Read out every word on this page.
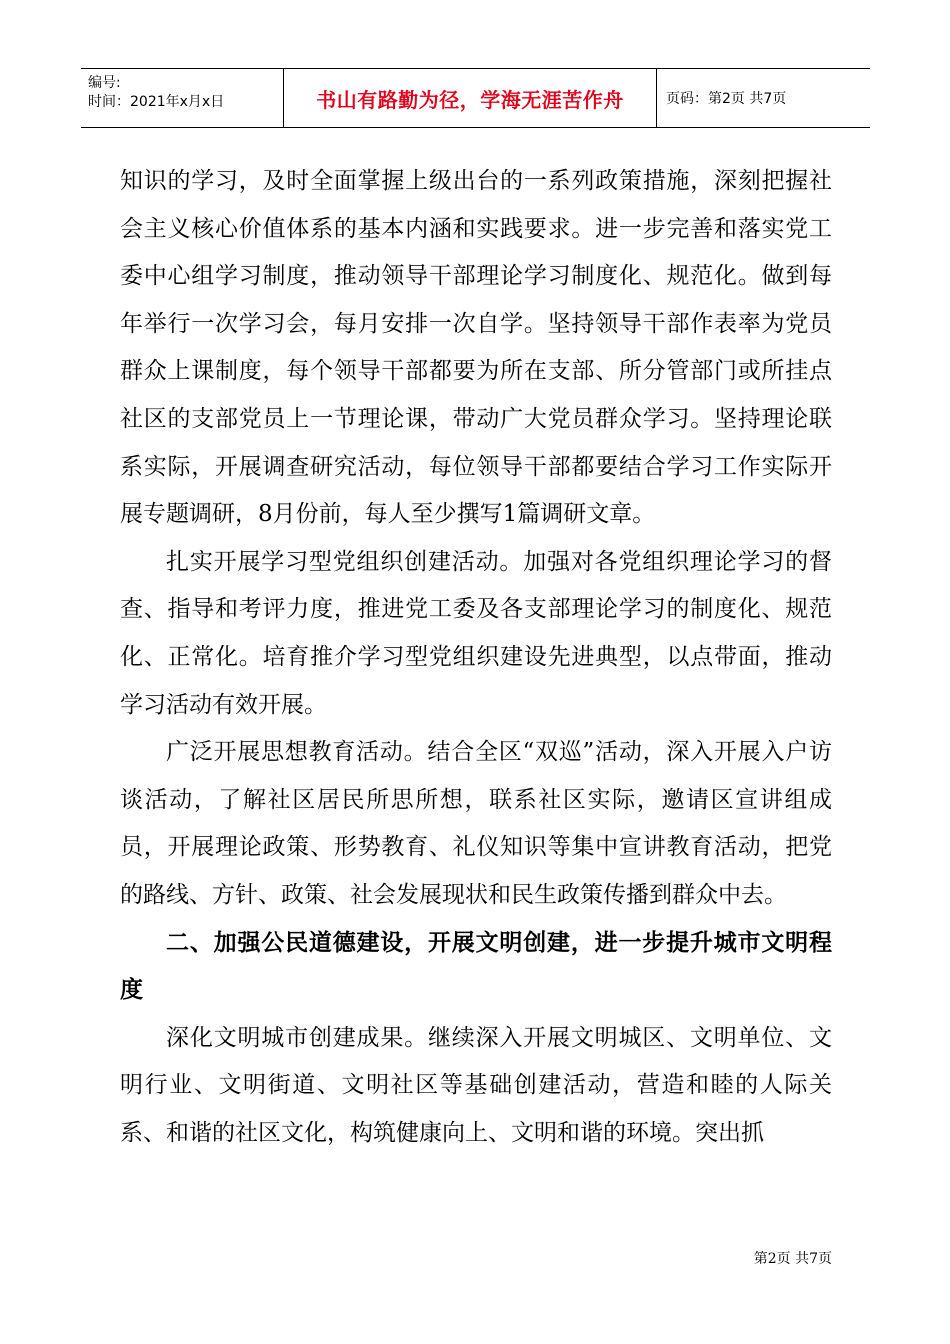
编号:
时间：2021年x月x日	书山有路勤为径，学海无涯苦作舟	页码：第2页 共7页

知识的学习，及时全面掌握上级出台的一系列政策措施，深刻把握社会主义核心价值体系的基本内涵和实践要求。进一步完善和落实党工委中心组学习制度，推动领导干部理论学习制度化、规范化。做到每年举行一次学习会，每月安排一次自学。坚持领导干部作表率为党员群众上课制度，每个领导干部都要为所在支部、所分管部门或所挂点社区的支部党员上一节理论课，带动广大党员群众学习。坚持理论联系实际，开展调查研究活动，每位领导干部都要结合学习工作实际开展专题调研，8月份前，每人至少撰写1篇调研文章。

扎实开展学习型党组织创建活动。加强对各党组织理论学习的督查、指导和考评力度，推进党工委及各支部理论学习的制度化、规范化、正常化。培育推介学习型党组织建设先进典型，以点带面，推动学习活动有效开展。

广泛开展思想教育活动。结合全区“双巡”活动，深入开展入户访谈活动，了解社区居民所思所想，联系社区实际，邀请区宣讲组成员，开展理论政策、形势教育、礼仪知识等集中宣讲教育活动，把党的路线、方针、政策、社会发展现状和民生政策传播到群众中去。

二、加强公民道德建设，开展文明创建，进一步提升城市文明程度

深化文明城市创建成果。继续深入开展文明城区、文明单位、文明行业、文明街道、文明社区等基础创建活动，营造和睦的人际关系、和谐的社区文化，构筑健康向上、文明和谐的环境。突出抓

第2页 共7页
